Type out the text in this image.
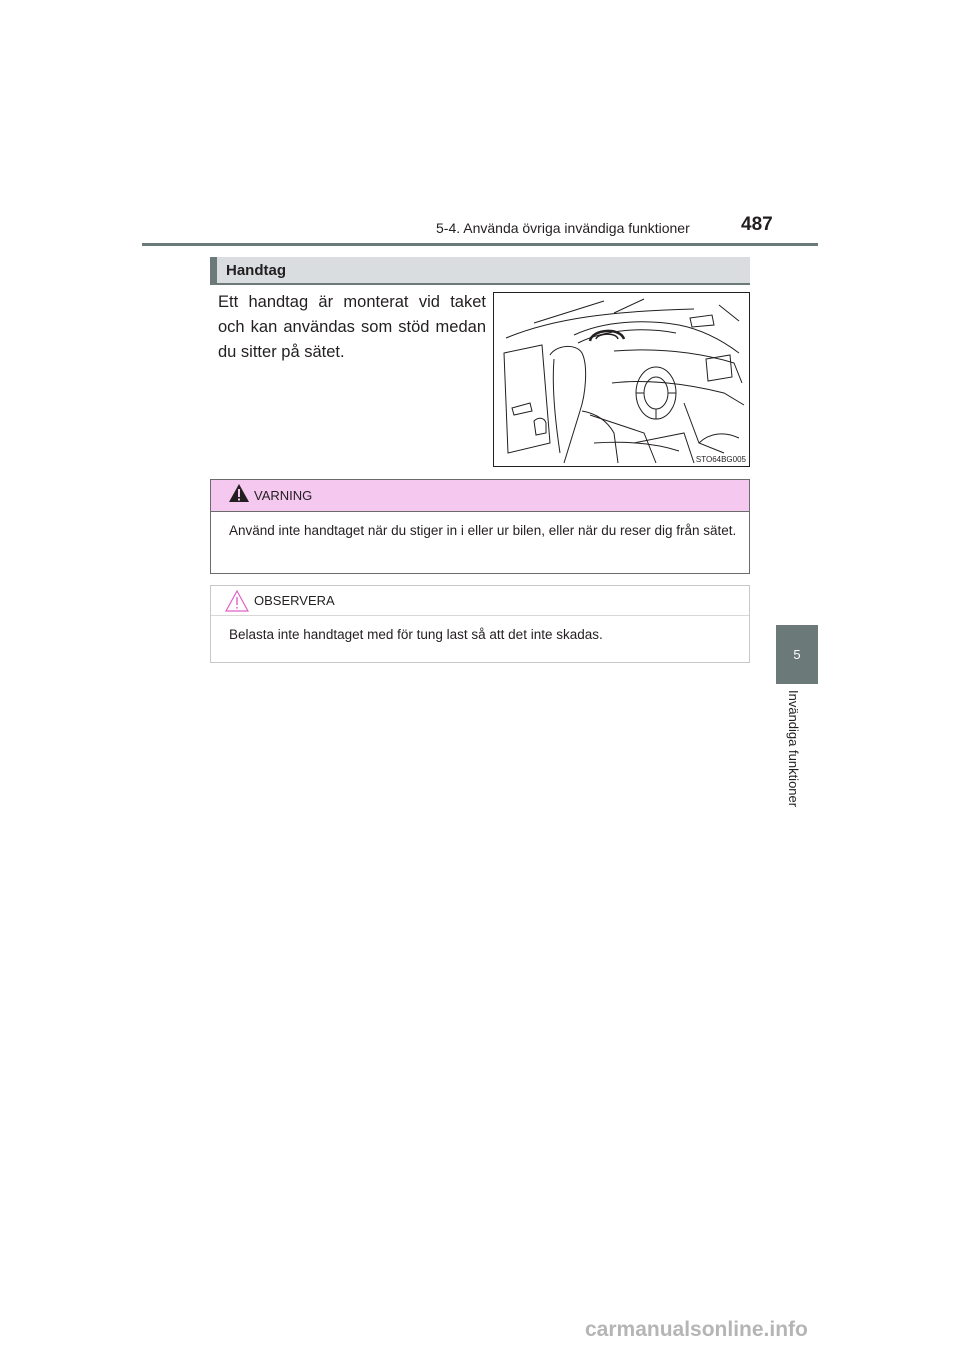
5-4. Använda övriga invändiga funktioner	487
5
Invändiga funktioner
Handtag
Ett handtag är monterat vid taket och kan användas som stöd medan du sitter på sätet.
STO64BG005
VARNING
Använd inte handtaget när du stiger in i eller ur bilen, eller när du reser dig från sätet.
OBSERVERA
Belasta inte handtaget med för tung last så att det inte skadas.
carmanualsonline.info
